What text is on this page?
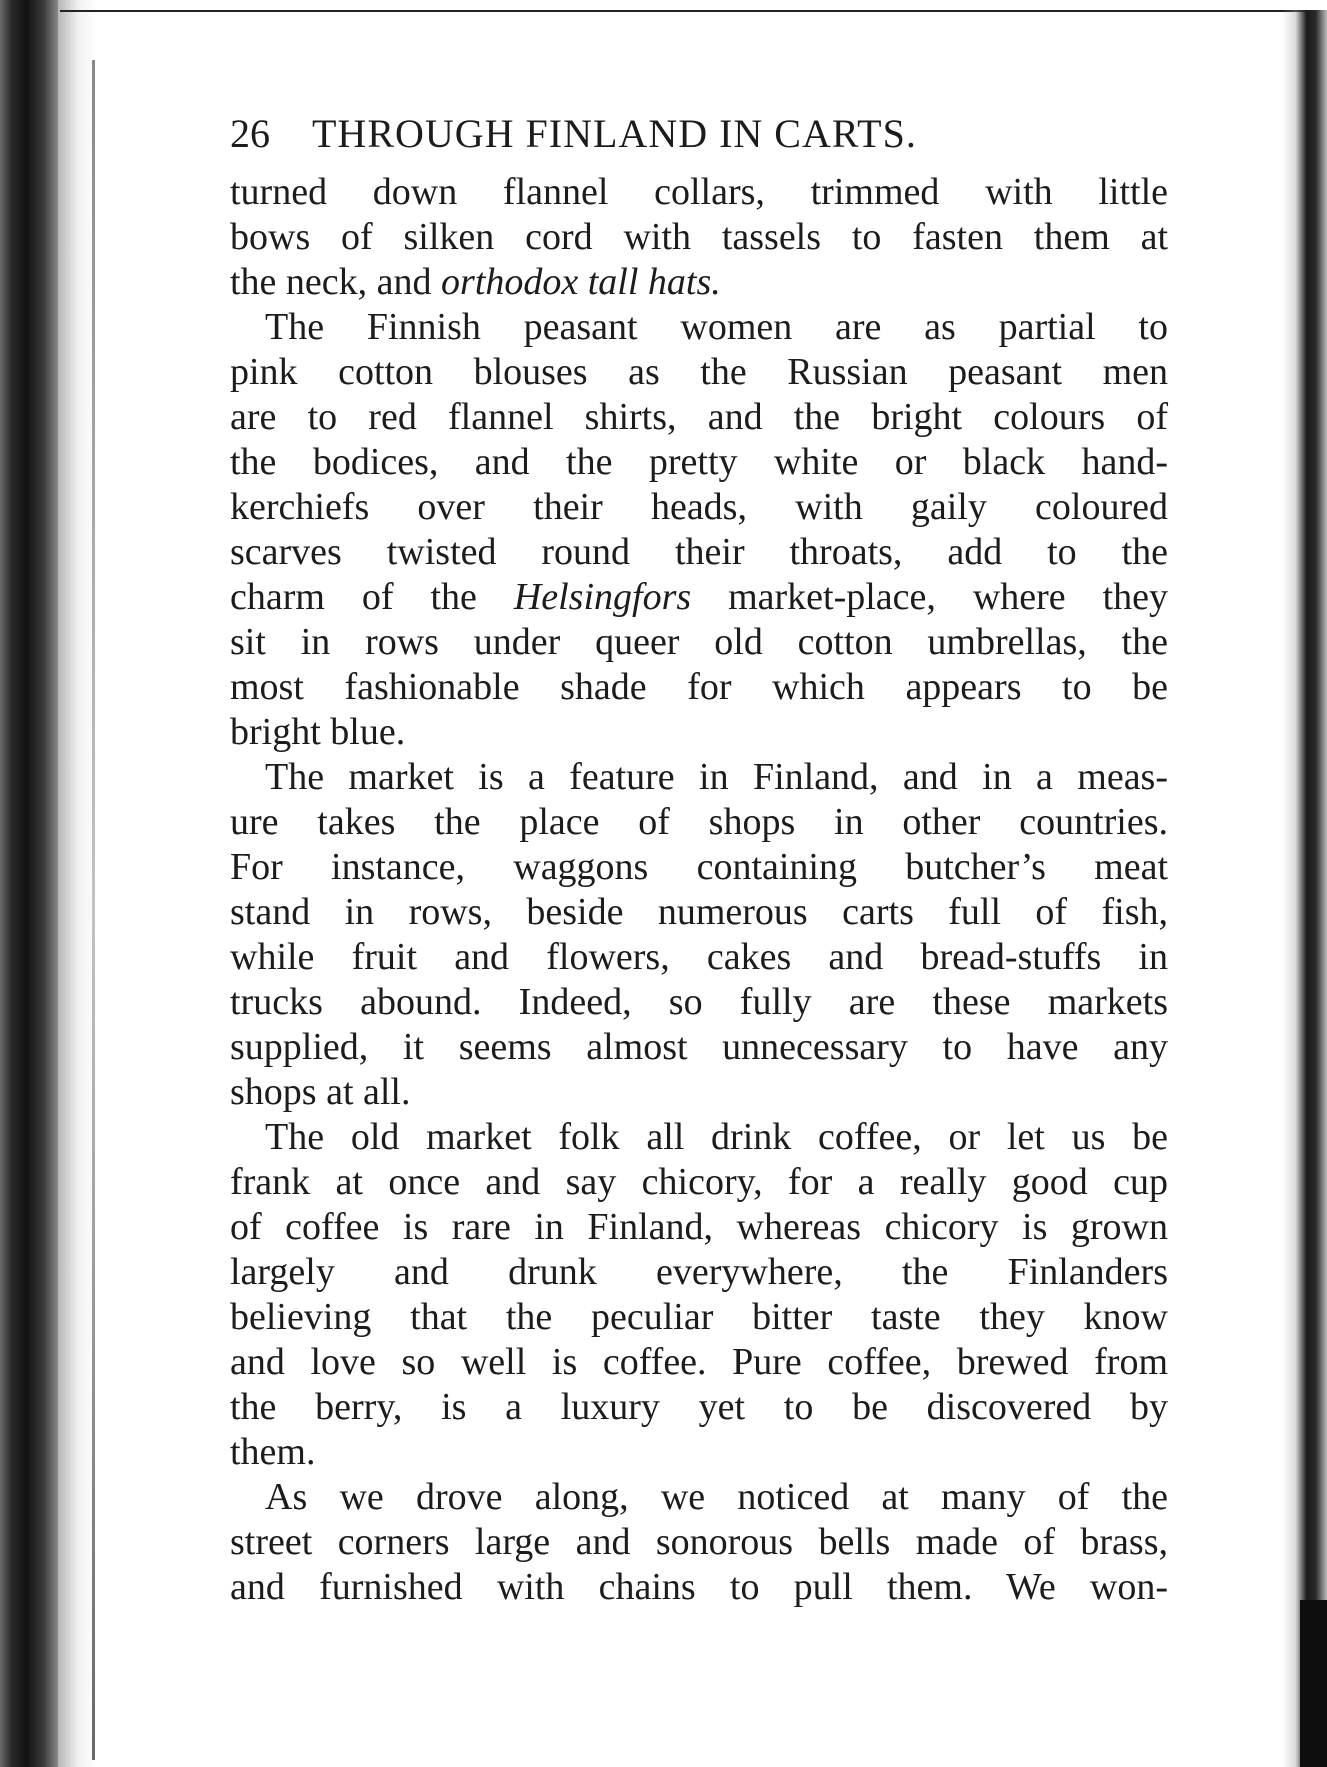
26 THROUGH FINLAND IN CARTS.
turned down flannel collars, trimmed with little
bows of silken cord with tassels to fasten them at
the neck, and orthodox tall hats.
The Finnish peasant women are as partial to
pink cotton blouses as the Russian peasant men
are to red flannel shirts, and the bright colours of
the bodices, and the pretty white or black hand-
kerchiefs over their heads, with gaily coloured
scarves twisted round their throats, add to the
charm of the Helsingfors market-place, where they
sit in rows under queer old cotton umbrellas, the
most fashionable shade for which appears to be
bright blue.
The market is a feature in Finland, and in a meas-
ure takes the place of shops in other countries.
For instance, waggons containing butcher’s meat
stand in rows, beside numerous carts full of fish,
while fruit and flowers, cakes and bread-stuffs in
trucks abound. Indeed, so fully are these markets
supplied, it seems almost unnecessary to have any
shops at all.
The old market folk all drink coffee, or let us be
frank at once and say chicory, for a really good cup
of coffee is rare in Finland, whereas chicory is grown
largely and drunk everywhere, the Finlanders
believing that the peculiar bitter taste they know
and love so well is coffee. Pure coffee, brewed from
the berry, is a luxury yet to be discovered by
them.
As we drove along, we noticed at many of the
street corners large and sonorous bells made of brass,
and furnished with chains to pull them. We won-
